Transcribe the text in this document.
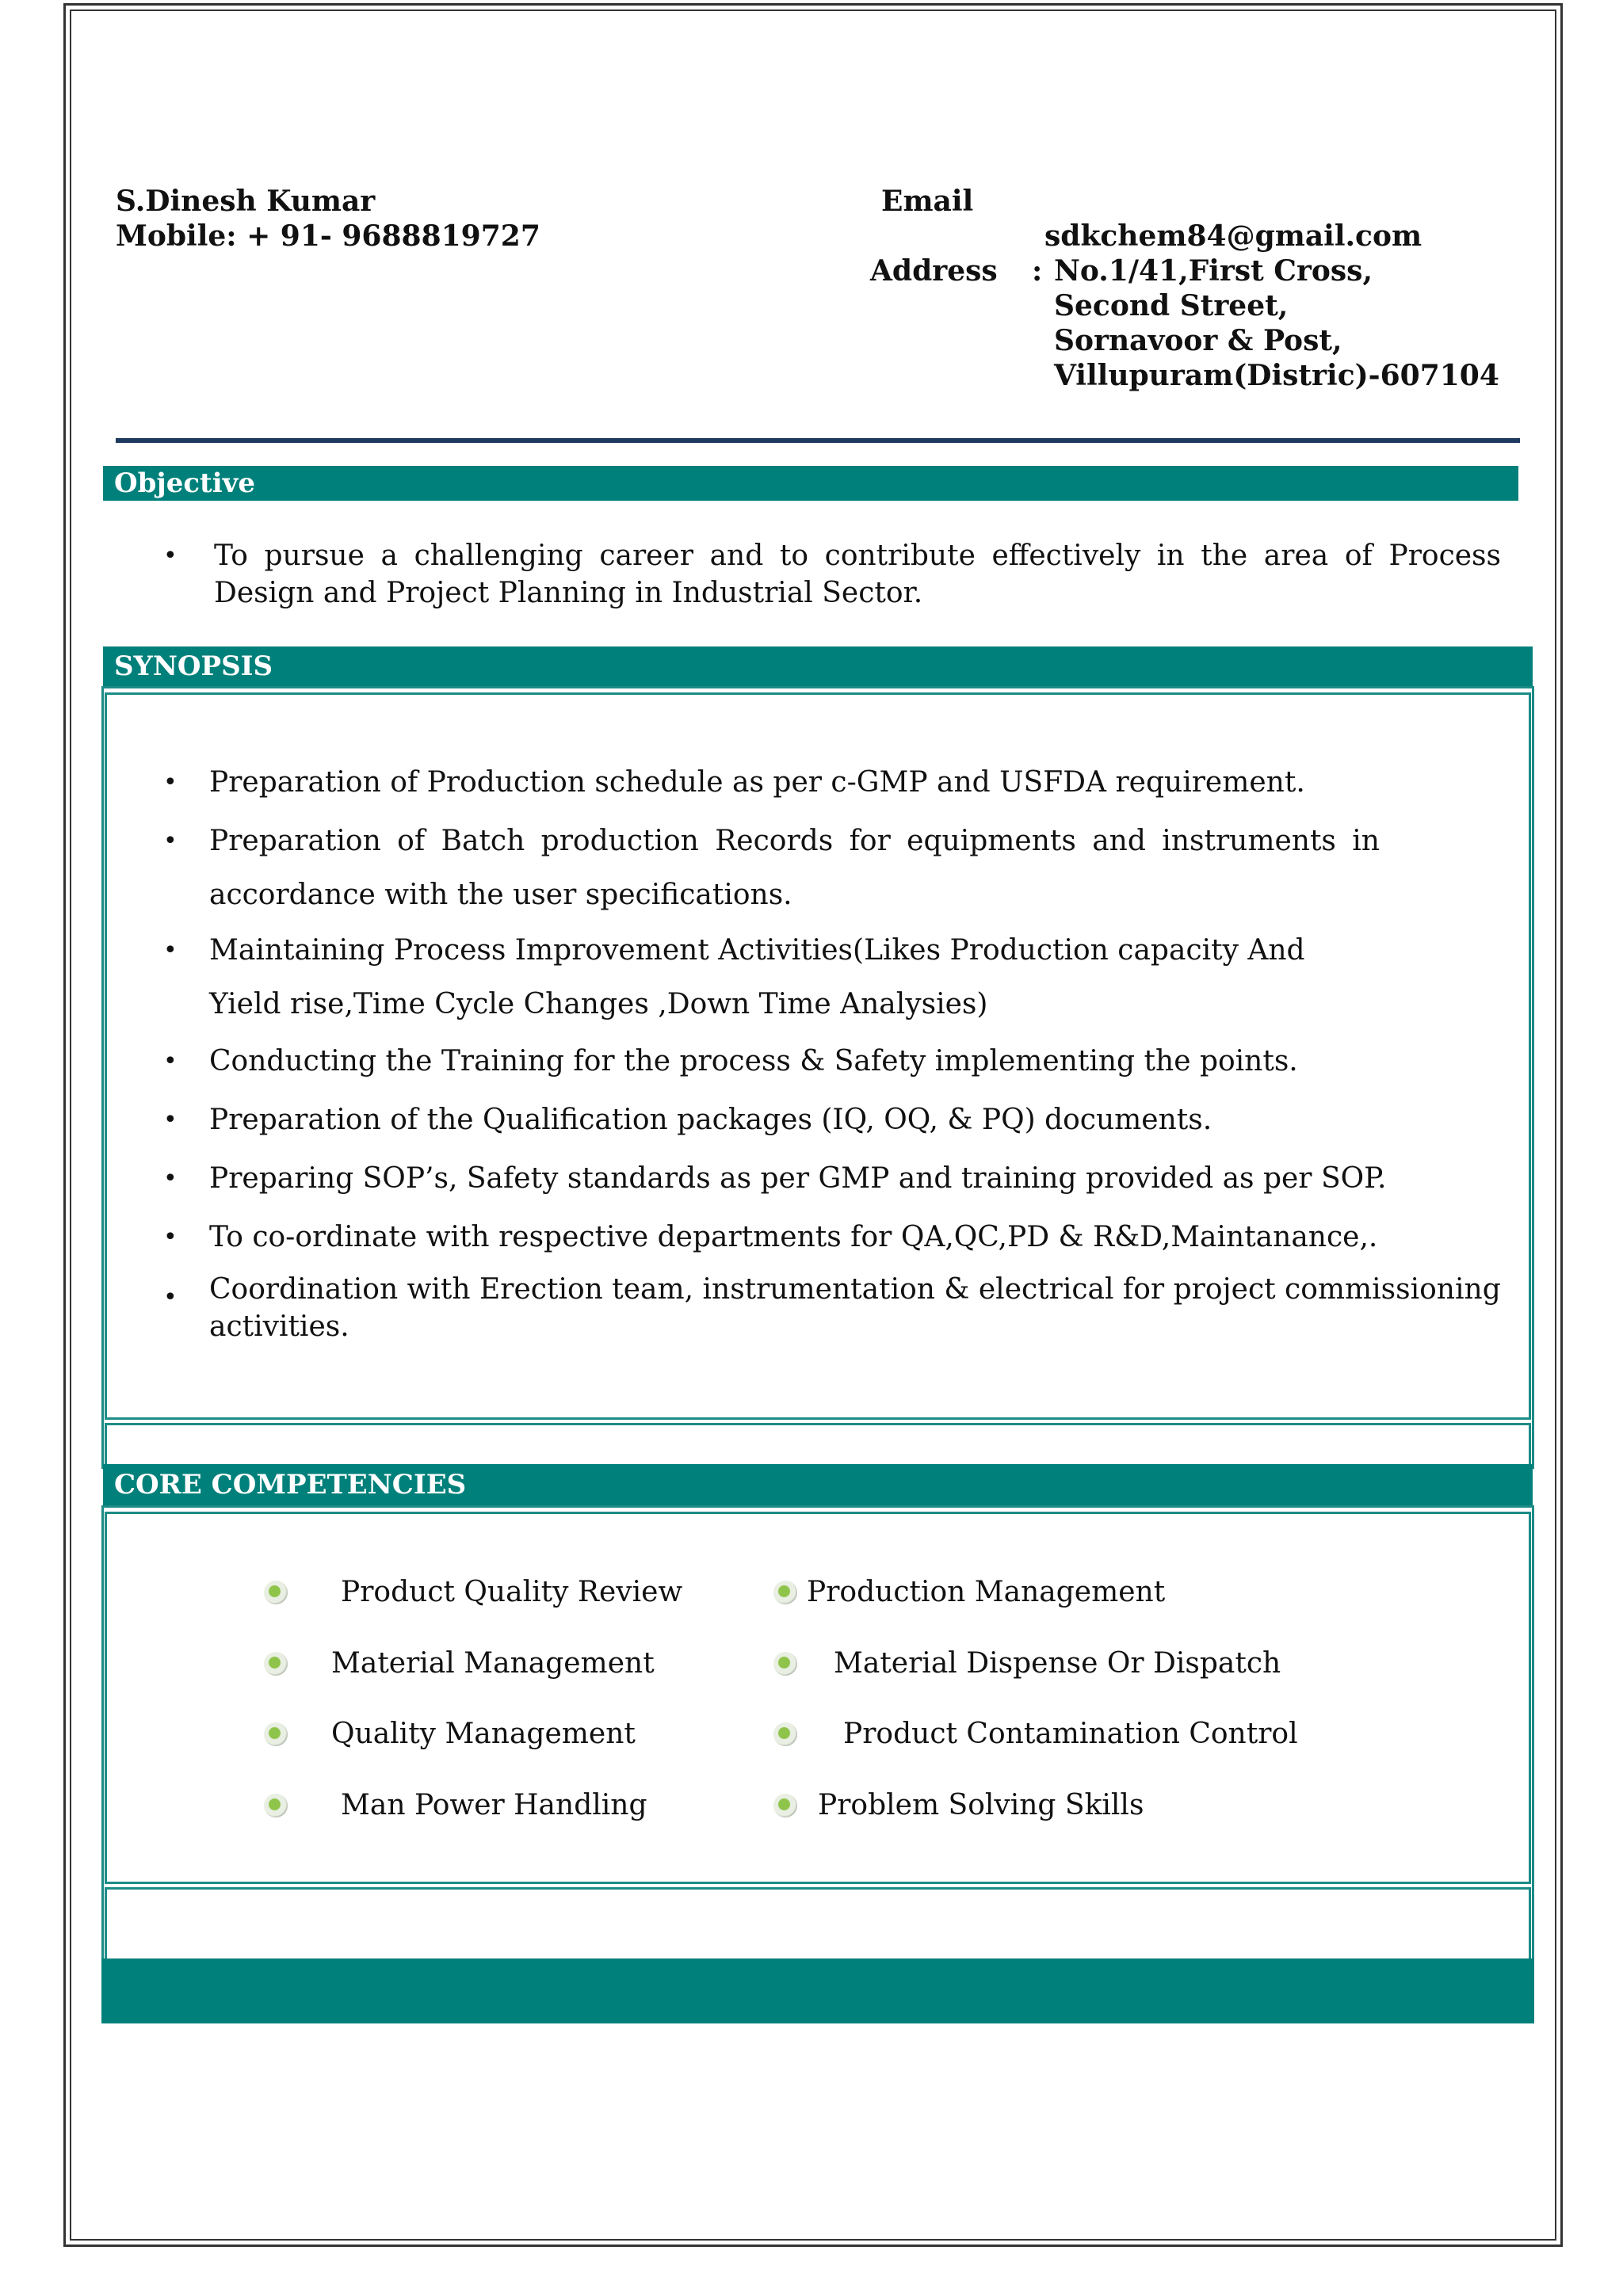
S.Dinesh Kumar
Mobile: + 91- 9688819727
Email
sdkchem84@gmail.com
Address : No.1/41,First Cross,
Second Street,
Sornavoor & Post,
Villupuram(Distric)-607104
Objective
• To pursue a challenging career and to contribute effectively in the area of Process Design and Project Planning in Industrial Sector.
SYNOPSIS
• Preparation of Production schedule as per c-GMP and USFDA requirement.
• Preparation of Batch production Records for equipments and instruments in accordance with the user specifications.
• Maintaining Process Improvement Activities(Likes Production capacity And Yield rise,Time Cycle Changes ,Down Time Analysies)
• Conducting the Training for the process & Safety implementing the points.
• Preparation of the Qualification packages (IQ, OQ, & PQ) documents.
• Preparing SOP’s, Safety standards as per GMP and training provided as per SOP.
• To co-ordinate with respective departments for QA,QC,PD & R&D,Maintanance,.
• Coordination with Erection team, instrumentation & electrical for project commissioning activities.
CORE COMPETENCIES
Product Quality Review
Material Management
Quality Management
Man Power Handling
Production Management
Material Dispense Or Dispatch
Product Contamination Control
Problem Solving Skills
